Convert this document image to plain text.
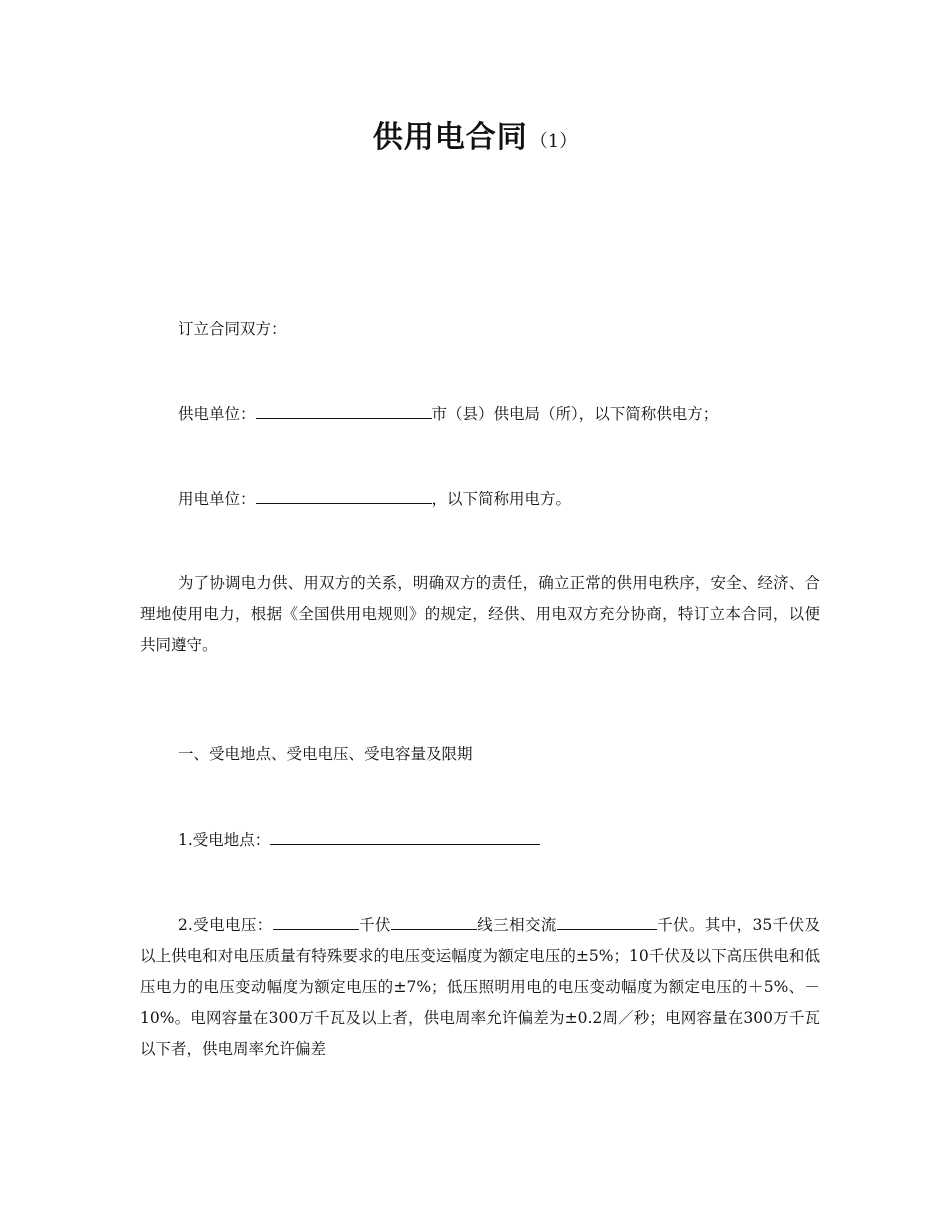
供用电合同 （1）

订立合同双方：

供电单位：	市（县）供电局（所），以下简称供电方；

用电单位：	，以下简称用电方。

为了协调电力供、用双方的关系，明确双方的责任，确立正常的供用电秩序，安全、经济、合理地使用电力，根据《全国供用电规则》的规定，经供、用电双方充分协商，特订立本合同，以便共同遵守。

一、受电地点、受电电压、受电容量及限期

1.受电地点：

2.受电电压：	千伏	线三相交流	千伏。其中，35千伏及以上供电和对电压质量有特殊要求的电压变运幅度为额定电压的±5%；10千伏及以下高压供电和低压电力的电压变动幅度为额定电压的±7%；低压照明用电的电压变动幅度为额定电压的＋5%、－10%。电网容量在300万千瓦及以上者，供电周率允许偏差为±0.2周／秒；电网容量在300万千瓦以下者，供电周率允许偏差
